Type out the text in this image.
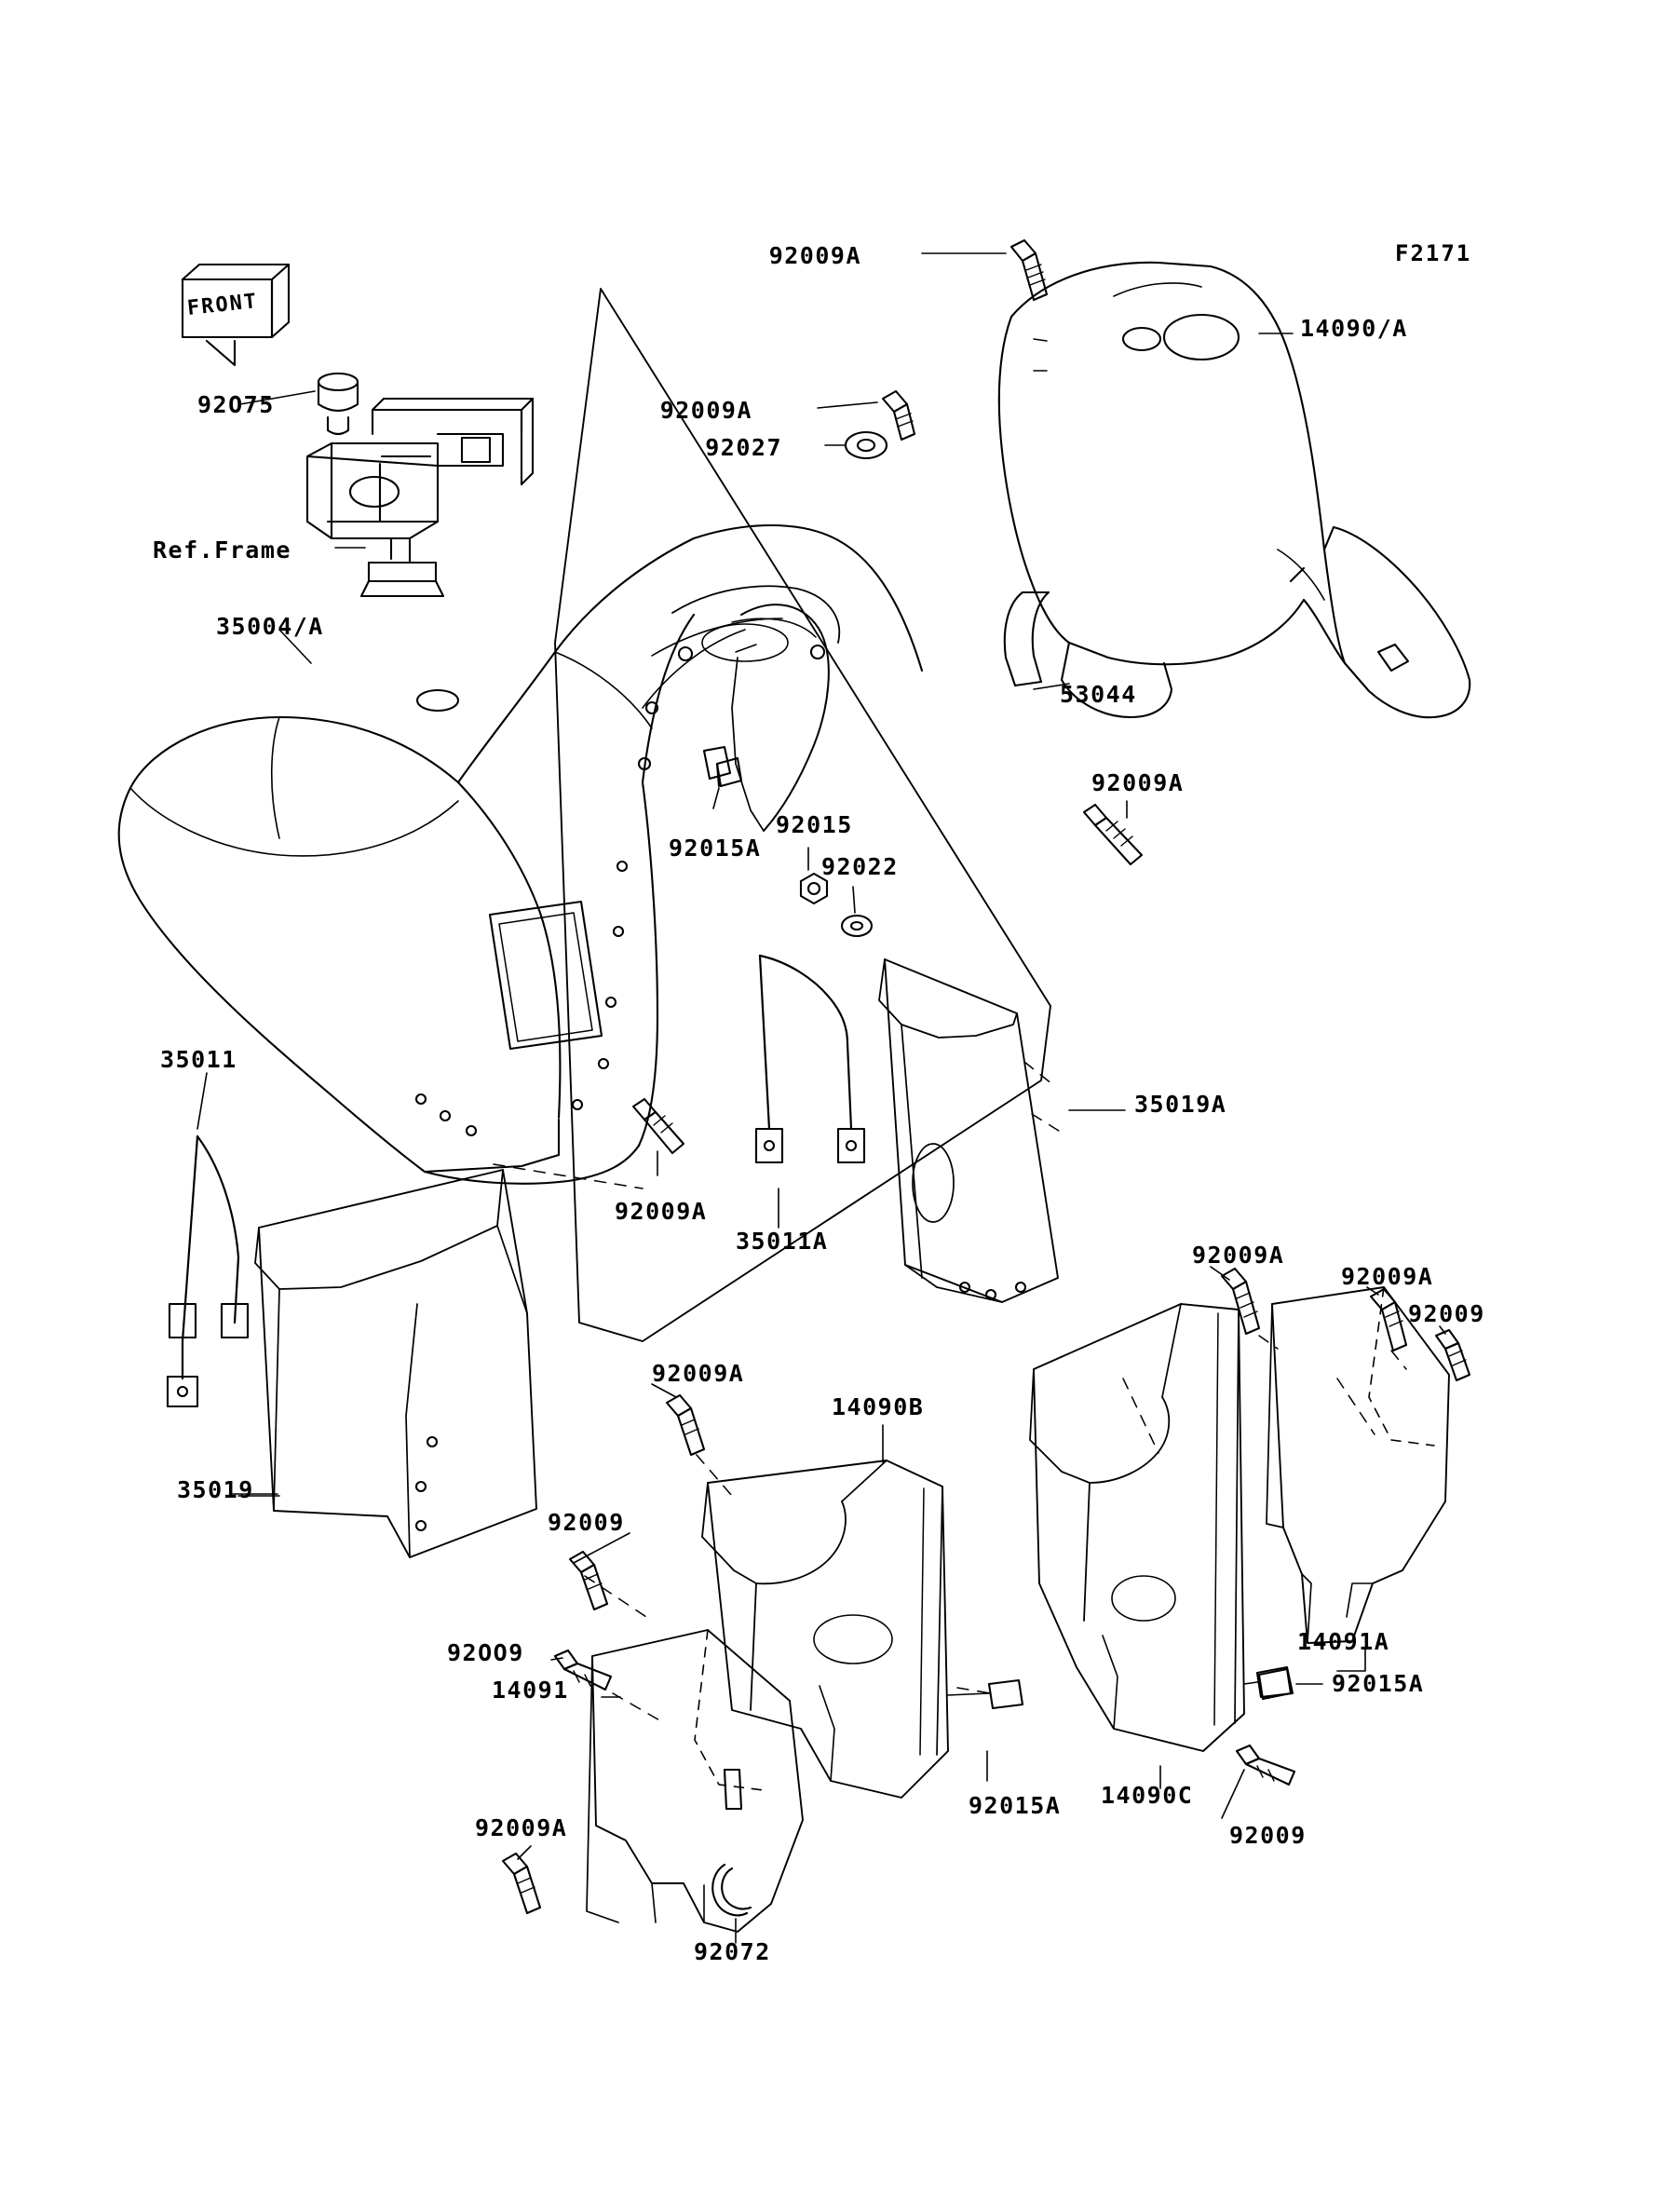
F2171
FRONT
92009A
14090/A
92O75	92009A
92027
Ref.Frame
35004/A
53044
92009A
92015
92022
92015A
35011
35019A
92009A
35011A
92009A
92009A
92009
92009A
14090B
35019
92009
14091A
92OO9
92015A
14091
92015A 14090C
92009
92009A
92072
